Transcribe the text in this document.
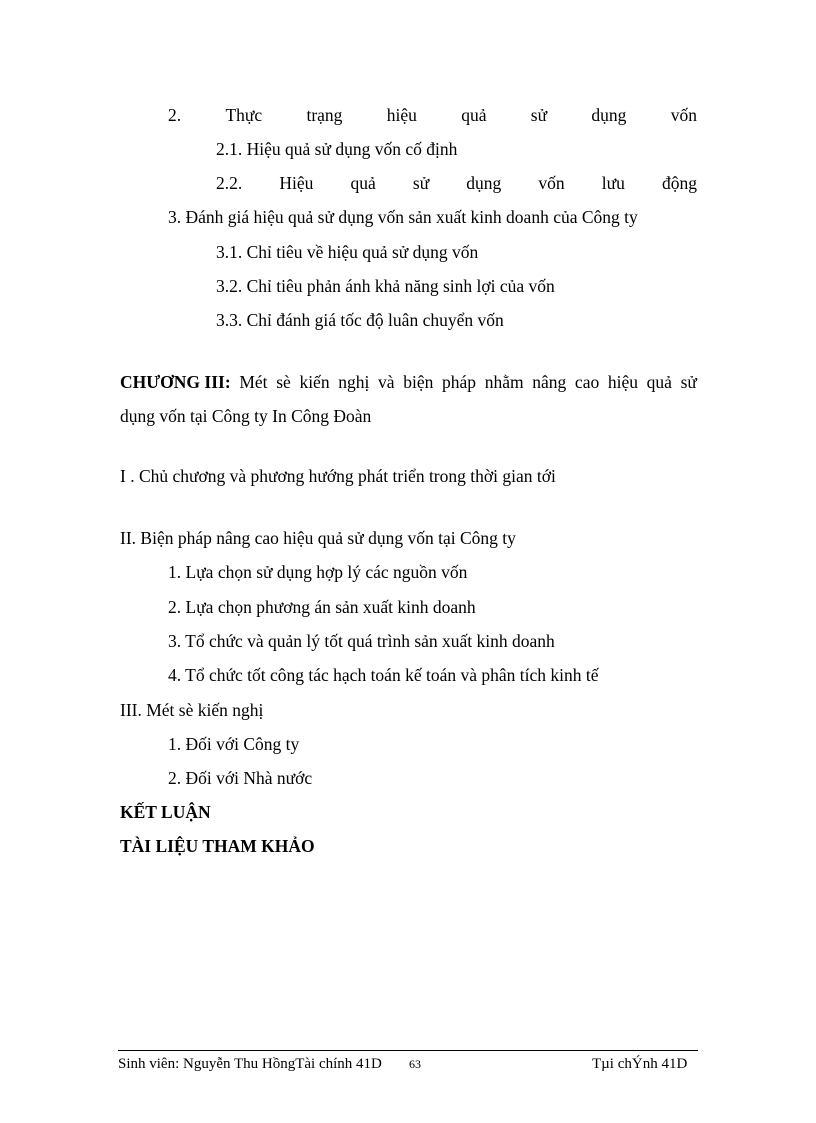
2.	Thực	trạng	hiệu	quả	sử	dụng	vốn
2.1. Hiệu quả sử dụng vốn cố định
2.2. Hiệu quả sử dụng vốn lưu động
3. Đánh giá hiệu quả sử dụng vốn sản xuất kinh doanh của Công ty
3.1. Chỉ tiêu về hiệu quả sử dụng vốn
3.2. Chỉ tiêu phản ánh khả năng sinh lợi của vốn
3.3. Chỉ đánh giá tốc độ luân chuyển vốn
CHƯƠNG III: Mét sè kiến nghị và biện pháp nhằm nâng cao hiệu quả sử
dụng vốn tại Công ty In Công Đoàn
I . Chủ chương và phương hướng phát triển trong thời gian tới
II. Biện pháp nâng cao hiệu quả sử dụng vốn tại Công ty
1. Lựa chọn sử dụng hợp lý các nguồn vốn
2. Lựa chọn phương án sản xuất kinh doanh
3. Tổ chức và quản lý tốt quá trình sản xuất kinh doanh
4. Tổ chức tốt công tác hạch toán kế toán và phân tích kinh tế
III. Mét sè kiến nghị
1. Đối với Công ty
2. Đối với Nhà nước
KẾT LUẬN
TÀI LIỆU THAM KHẢO
Sinh viên: Nguyễn Thu HồngTài chính 41D 63	Tµi chÝnh 41D
